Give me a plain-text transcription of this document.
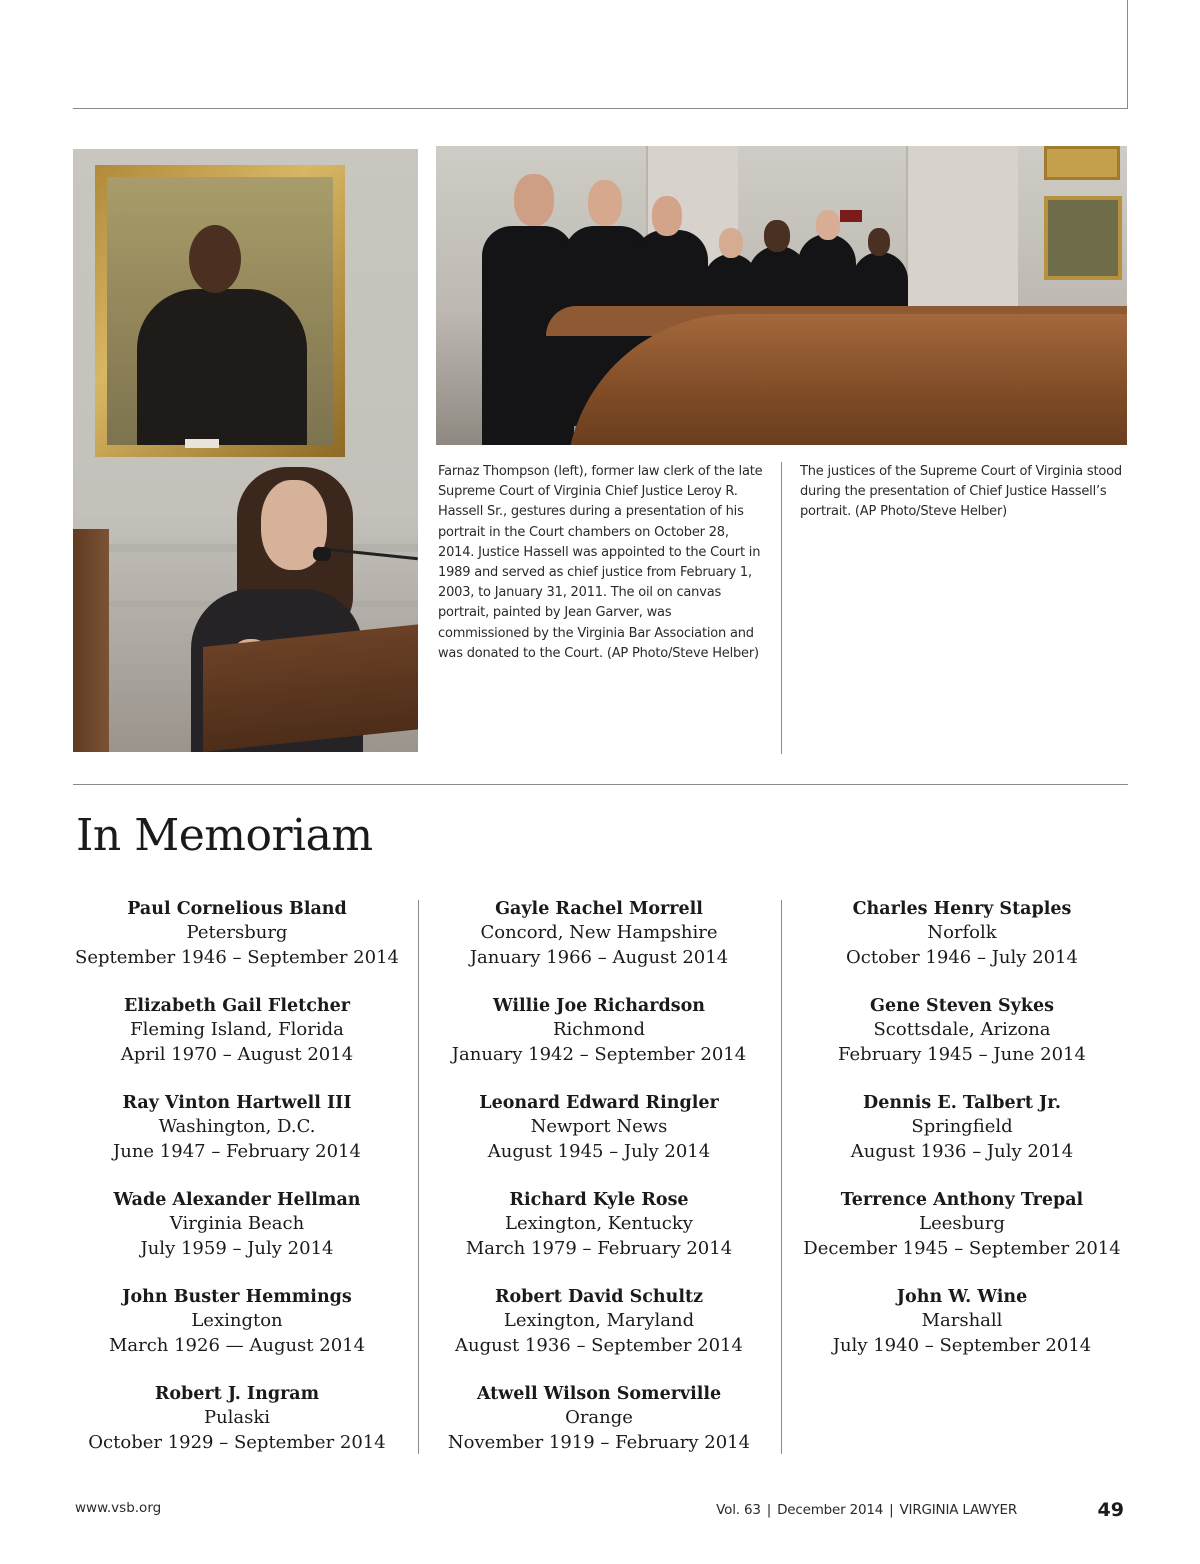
Farnaz Thompson (left), former law clerk of the late Supreme Court of Virginia Chief Justice Leroy R. Hassell Sr., gestures during a presentation of his portrait in the Court chambers on October 28, 2014. Justice Hassell was appointed to the Court in 1989 and served as chief justice from February 1, 2003, to January 31, 2011. The oil on canvas portrait, painted by Jean Garver, was commissioned by the Virginia Bar Association and was donated to the Court. (AP Photo/Steve Helber)
The justices of the Supreme Court of Virginia stood during the presentation of Chief Justice Hassell’s portrait. (AP Photo/Steve Helber)
In Memoriam
Paul Cornelious Bland
Petersburg
September 1946 – September 2014
Elizabeth Gail Fletcher
Fleming Island, Florida
April 1970 – August 2014
Ray Vinton Hartwell III
Washington, D.C.
June 1947 – February 2014
Wade Alexander Hellman
Virginia Beach
July 1959 – July 2014
John Buster Hemmings
Lexington
March 1926 — August 2014
Robert J. Ingram
Pulaski
October 1929 – September 2014
Gayle Rachel Morrell
Concord, New Hampshire
January 1966 – August 2014
Willie Joe Richardson
Richmond
January 1942 – September 2014
Leonard Edward Ringler
Newport News
August 1945 – July 2014
Richard Kyle Rose
Lexington, Kentucky
March 1979 – February 2014
Robert David Schultz
Lexington, Maryland
August 1936 – September 2014
Atwell Wilson Somerville
Orange
November 1919 – February 2014
Charles Henry Staples
Norfolk
October 1946 – July 2014
Gene Steven Sykes
Scottsdale, Arizona
February 1945 – June 2014
Dennis E. Talbert Jr.
Springfield
August 1936 – July 2014
Terrence Anthony Trepal
Leesburg
December 1945 – September 2014
John W. Wine
Marshall
July 1940 – September 2014
www.vsb.org	Vol. 63 | December 2014 | VIRGINIA LAWYER	49
